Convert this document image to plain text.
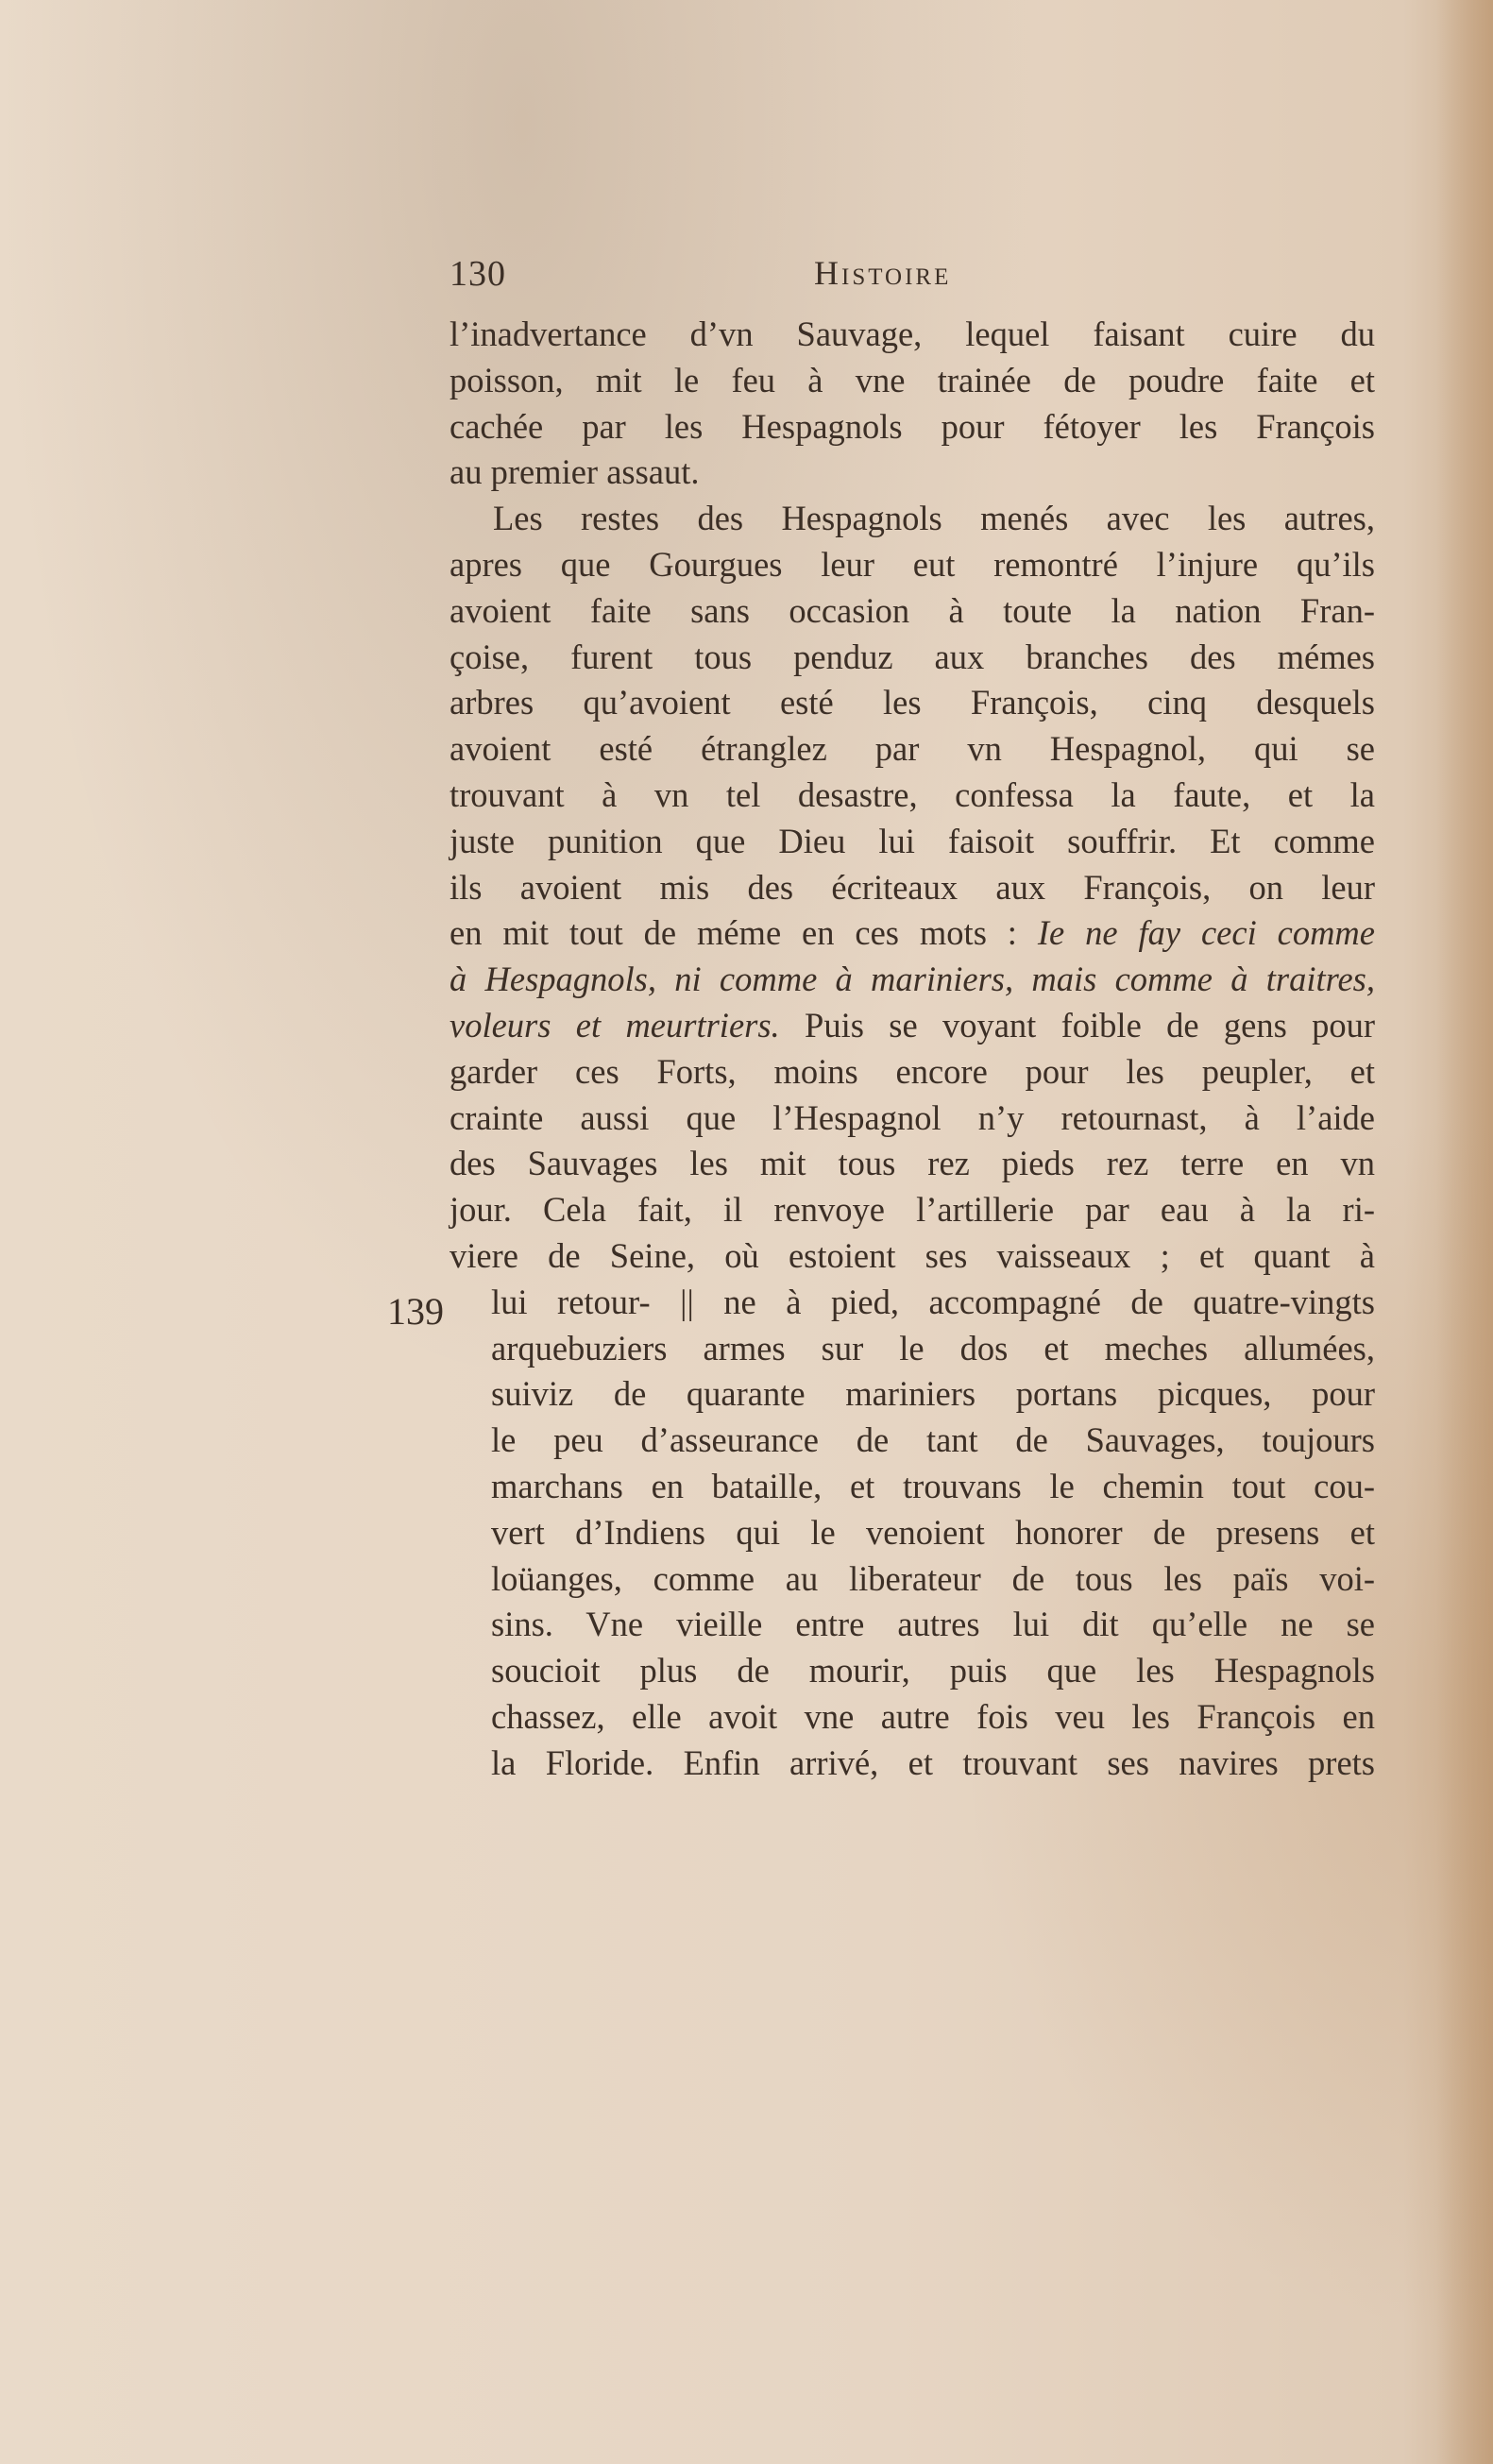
130	Histoire
139
l’inadvertance d’vn Sauvage, lequel faisant cuire du
poisson, mit le feu à vne trainée de poudre faite et
cachée par les Hespagnols pour fétoyer les François
au premier assaut.
Les restes des Hespagnols menés avec les autres,
apres que Gourgues leur eut remontré l’injure qu’ils
avoient faite sans occasion à toute la nation Fran-
çoise, furent tous penduz aux branches des mémes
arbres qu’avoient esté les François, cinq desquels
avoient esté étranglez par vn Hespagnol, qui se
trouvant à vn tel desastre, confessa la faute, et la
juste punition que Dieu lui faisoit souffrir. Et comme
ils avoient mis des écriteaux aux François, on leur
en mit tout de méme en ces mots : Ie ne fay ceci comme
à Hespagnols, ni comme à mariniers, mais comme à traitres,
voleurs et meurtriers. Puis se voyant foible de gens pour
garder ces Forts, moins encore pour les peupler, et
crainte aussi que l’Hespagnol n’y retournast, à l’aide
des Sauvages les mit tous rez pieds rez terre en vn
jour. Cela fait, il renvoye l’artillerie par eau à la ri-
viere de Seine, où estoient ses vaisseaux ; et quant à
lui retour- || ne à pied, accompagné de quatre-vingts
arquebuziers armes sur le dos et meches allumées,
suiviz de quarante mariniers portans picques, pour
le peu d’asseurance de tant de Sauvages, toujours
marchans en bataille, et trouvans le chemin tout cou-
vert d’Indiens qui le venoient honorer de presens et
loüanges, comme au liberateur de tous les païs voi-
sins. Vne vieille entre autres lui dit qu’elle ne se
soucioit plus de mourir, puis que les Hespagnols
chassez, elle avoit vne autre fois veu les François en
la Floride. Enfin arrivé, et trouvant ses navires prets
